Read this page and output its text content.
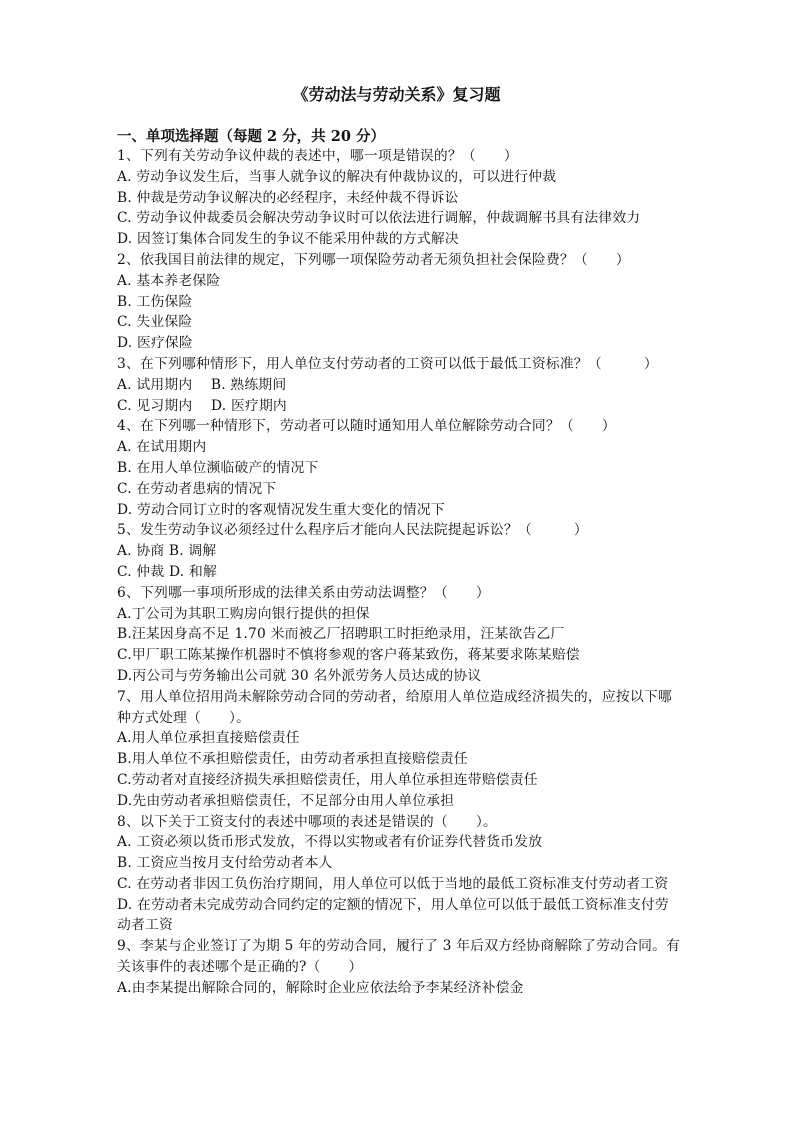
《劳动法与劳动关系》复习题
一、单项选择题（每题 2 分，共 20 分）
1、下列有关劳动争议仲裁的表述中，哪一项是错误的？（　　）
A. 劳动争议发生后，当事人就争议的解决有仲裁协议的，可以进行仲裁
B. 仲裁是劳动争议解决的必经程序，未经仲裁不得诉讼
C. 劳动争议仲裁委员会解决劳动争议时可以依法进行调解，仲裁调解书具有法律效力
D. 因签订集体合同发生的争议不能采用仲裁的方式解决
2、依我国目前法律的规定，下列哪一项保险劳动者无须负担社会保险费？（　　）
A. 基本养老保险
B. 工伤保险
C. 失业保险
D. 医疗保险
3、在下列哪种情形下，用人单位支付劳动者的工资可以低于最低工资标准？（　　　）
A. 试用期内　 B. 熟练期间
C. 见习期内　 D. 医疗期内
4、在下列哪一种情形下，劳动者可以随时通知用人单位解除劳动合同？（　　）
A. 在试用期内
B. 在用人单位濒临破产的情况下
C. 在劳动者患病的情况下
D. 劳动合同订立时的客观情况发生重大变化的情况下
5、发生劳动争议必须经过什么程序后才能向人民法院提起诉讼？（　　　）
A. 协商 B. 调解
C. 仲裁 D. 和解
6、下列哪一事项所形成的法律关系由劳动法调整？（　　）
A.丁公司为其职工购房向银行提供的担保
B.汪某因身高不足 1.70 米而被乙厂招聘职工时拒绝录用，汪某欲告乙厂
C.甲厂职工陈某操作机器时不慎将参观的客户蒋某致伤，蒋某要求陈某赔偿
D.丙公司与劳务输出公司就 30 名外派劳务人员达成的协议
7、用人单位招用尚未解除劳动合同的劳动者，给原用人单位造成经济损失的，应按以下哪
种方式处理（　　）。
A.用人单位承担直接赔偿责任
B.用人单位不承担赔偿责任，由劳动者承担直接赔偿责任
C.劳动者对直接经济损失承担赔偿责任，用人单位承担连带赔偿责任
D.先由劳动者承担赔偿责任，不足部分由用人单位承担
8、以下关于工资支付的表述中哪项的表述是错误的（　　）。
A. 工资必须以货币形式发放，不得以实物或者有价证券代替货币发放
B. 工资应当按月支付给劳动者本人
C. 在劳动者非因工负伤治疗期间，用人单位可以低于当地的最低工资标准支付劳动者工资
D. 在劳动者未完成劳动合同约定的定额的情况下，用人单位可以低于最低工资标准支付劳
动者工资
9、李某与企业签订了为期 5 年的劳动合同，履行了 3 年后双方经协商解除了劳动合同。有
关该事件的表述哪个是正确的?（　　）
A.由李某提出解除合同的，解除时企业应依法给予李某经济补偿金
